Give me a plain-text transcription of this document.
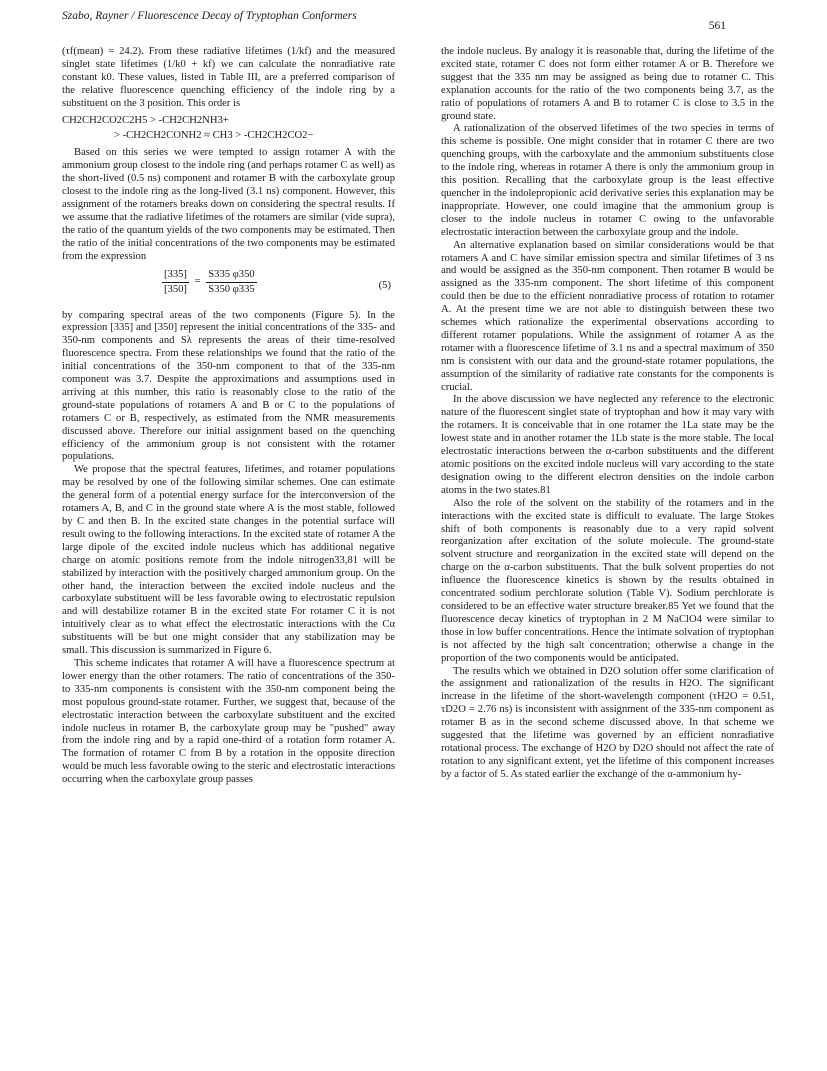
Szabo, Rayner / Fluorescence Decay of Tryptophan Conformers
561

(τf(mean) = 24.2). From these radiative lifetimes (1/kf) and the measured singlet state lifetimes (1/k0 + kf) we can calculate the nonradiative rate constant k0. These values, listed in Table III, are a preferred comparison of the relative fluorescence quenching efficiency of the indole ring by a substituent on the 3 position. This order is

CH2CH2CO2C2H5 > -CH2CH2NH3+
> -CH2CH2CONH2 ≈ CH3 > -CH2CH2CO2−

Based on this series we were tempted to assign rotamer A with the ammonium group closest to the indole ring (and perhaps rotamer C as well) as the short-lived (0.5 ns) component and rotamer B with the carboxylate group closest to the indole ring as the long-lived (3.1 ns) component. However, this assignment of the rotamers breaks down on considering the spectral results. If we assume that the radiative lifetimes of the rotamers are similar (vide supra), the ratio of the quantum yields of the two components may be estimated. Then the ratio of the initial concentrations of the two components may be estimated from the expression

$\frac{[335]}{[350]} = \frac{S335 \varphi 350}{S350 \varphi 335}$	(5)

by comparing spectral areas of the two components (Figure 5). In the expression [335] and [350] represent the initial concentrations of the 335- and 350-nm components and Sλ represents the areas of their time-resolved fluorescence spectra. From these relationships we found that the ratio of the initial concentrations of the 350-nm component to that of the 335-nm component was 3.7. Despite the approximations and assumptions used in arriving at this number, this ratio is reasonably close to the ratio of the ground-state populations of rotamers A and B or C to the populations of rotamers C or B, respectively, as estimated from the NMR measurements discussed above. Therefore our initial assignment based on the quenching efficiency of the ammonium group is not consistent with the rotamer populations.

We propose that the spectral features, lifetimes, and rotamer populations may be resolved by one of the following similar schemes. One can estimate the general form of a potential energy surface for the interconversion of the rotamers A, B, and C in the ground state where A is the most stable, followed by C and then B. In the excited state changes in the potential surface will result owing to the following interactions. In the excited state of rotamer A the large dipole of the excited indole nucleus which has additional negative charge on atomic positions remote from the indole nitrogen33,81 will be stabilized by interaction with the positively charged ammonium group. On the other hand, the interaction between the excited indole nucleus and the carboxylate substituent will be less favorable owing to electrostatic repulsion and will destabilize rotamer B in the excited state For rotamer C it is not intuitively clear as to what effect the electrostatic interactions with the Cα substituents will be but one might consider that any stabilization may be small. This discussion is summarized in Figure 6.

This scheme indicates that rotamer A will have a fluorescence spectrum at lower energy than the other rotamers. The ratio of concentrations of the 350- to 335-nm components is consistent with the 350-nm component being the most populous ground-state rotamer. Further, we suggest that, because of the electrostatic interaction between the carboxylate substituent and the excited indole nucleus in rotamer B, the carboxylate group may be "pushed" away from the indole ring and by a rapid one-third of a rotation form rotamer A. The formation of rotamer C from B by a rotation in the opposite direction would be much less favorable owing to the steric and electrostatic interactions occurring when the carboxylate group passes

the indole nucleus. By analogy it is reasonable that, during the lifetime of the excited state, rotamer C does not form either rotamer A or B. Therefore we suggest that the 335 nm may be assigned as being due to rotamer C. This explanation accounts for the ratio of the two components being 3.7, as the ratio of populations of rotamers A and B to rotamer C is close to 3.5 in the ground state.

A rationalization of the observed lifetimes of the two species in terms of this scheme is possible. One might consider that in rotamer C there are two quenching groups, with the carboxylate and the ammonium substituents close to the indole ring, whereas in rotamer A there is only the ammonium group in this position. Recalling that the carboxylate group is the least effective quencher in the indolepropionic acid derivative series this explanation may be inappropriate. However, one could imagine that the ammonium group is closer to the indole nucleus in rotamer C owing to the unfavorable electrostatic interaction between the carboxylate group and the indole.

An alternative explanation based on similar considerations would be that rotamers A and C have similar emission spectra and similar lifetimes of 3 ns and would be assigned as the 350-nm component. Then rotamer B would be assigned as the 335-nm component. The short lifetime of this component could then be due to the efficient nonradiative process of rotation to rotamer A. At the present time we are not able to distinguish between these two schemes which rationalize the experimental observations according to different rotamer populations. While the assignment of rotamer A as the rotamer with a fluorescence lifetime of 3.1 ns and a spectral maximum of 350 nm is consistent with our data and the ground-state rotamer populations, the assumption of the similarity of radiative rate constants for the components is crucial.

In the above discussion we have neglected any reference to the electronic nature of the fluorescent singlet state of tryptophan and how it may vary with the rotamers. It is conceivable that in one rotamer the 1La state may be the lowest state and in another rotamer the 1Lb state is the more stable. The local electrostatic interactions between the α-carbon substituents and the different atomic positions on the excited indole nucleus will vary according to the state designation owing to the different electron densities on the indole carbon atoms in the two states.81

Also the role of the solvent on the stability of the rotamers and in the interactions with the excited state is difficult to evaluate. The large Stokes shift of both components is reasonably due to a very rapid solvent reorganization after excitation of the solute molecule. The ground-state solvent structure and reorganization in the excited state will depend on the charge on the α-carbon substituents. That the bulk solvent properties do not influence the fluorescence kinetics is shown by the results obtained in concentrated sodium perchlorate solution (Table V). Sodium perchlorate is considered to be an effective water structure breaker.85 Yet we found that the fluorescence decay kinetics of tryptophan in 2 M NaClO4 were similar to those in low buffer concentrations. Hence the intimate solvation of tryptophan is not affected by the high salt concentration; otherwise a change in the proportion of the two components would be anticipated.

The results which we obtained in D2O solution offer some clarification of the assignment and rationalization of the results in H2O. The significant increase in the lifetime of the short-wavelength component (τH2O = 0.51, τD2O = 2.76 ns) is inconsistent with assignment of the 335-nm component as rotamer B as in the second scheme discussed above. In that scheme we suggested that the lifetime was governed by an efficient nonradiative rotational process. The exchange of H2O by D2O should not affect the rate of rotation to any significant extent, yet the lifetime of this component increases by a factor of 5. As stated earlier the exchange of the α-ammonium hy-
